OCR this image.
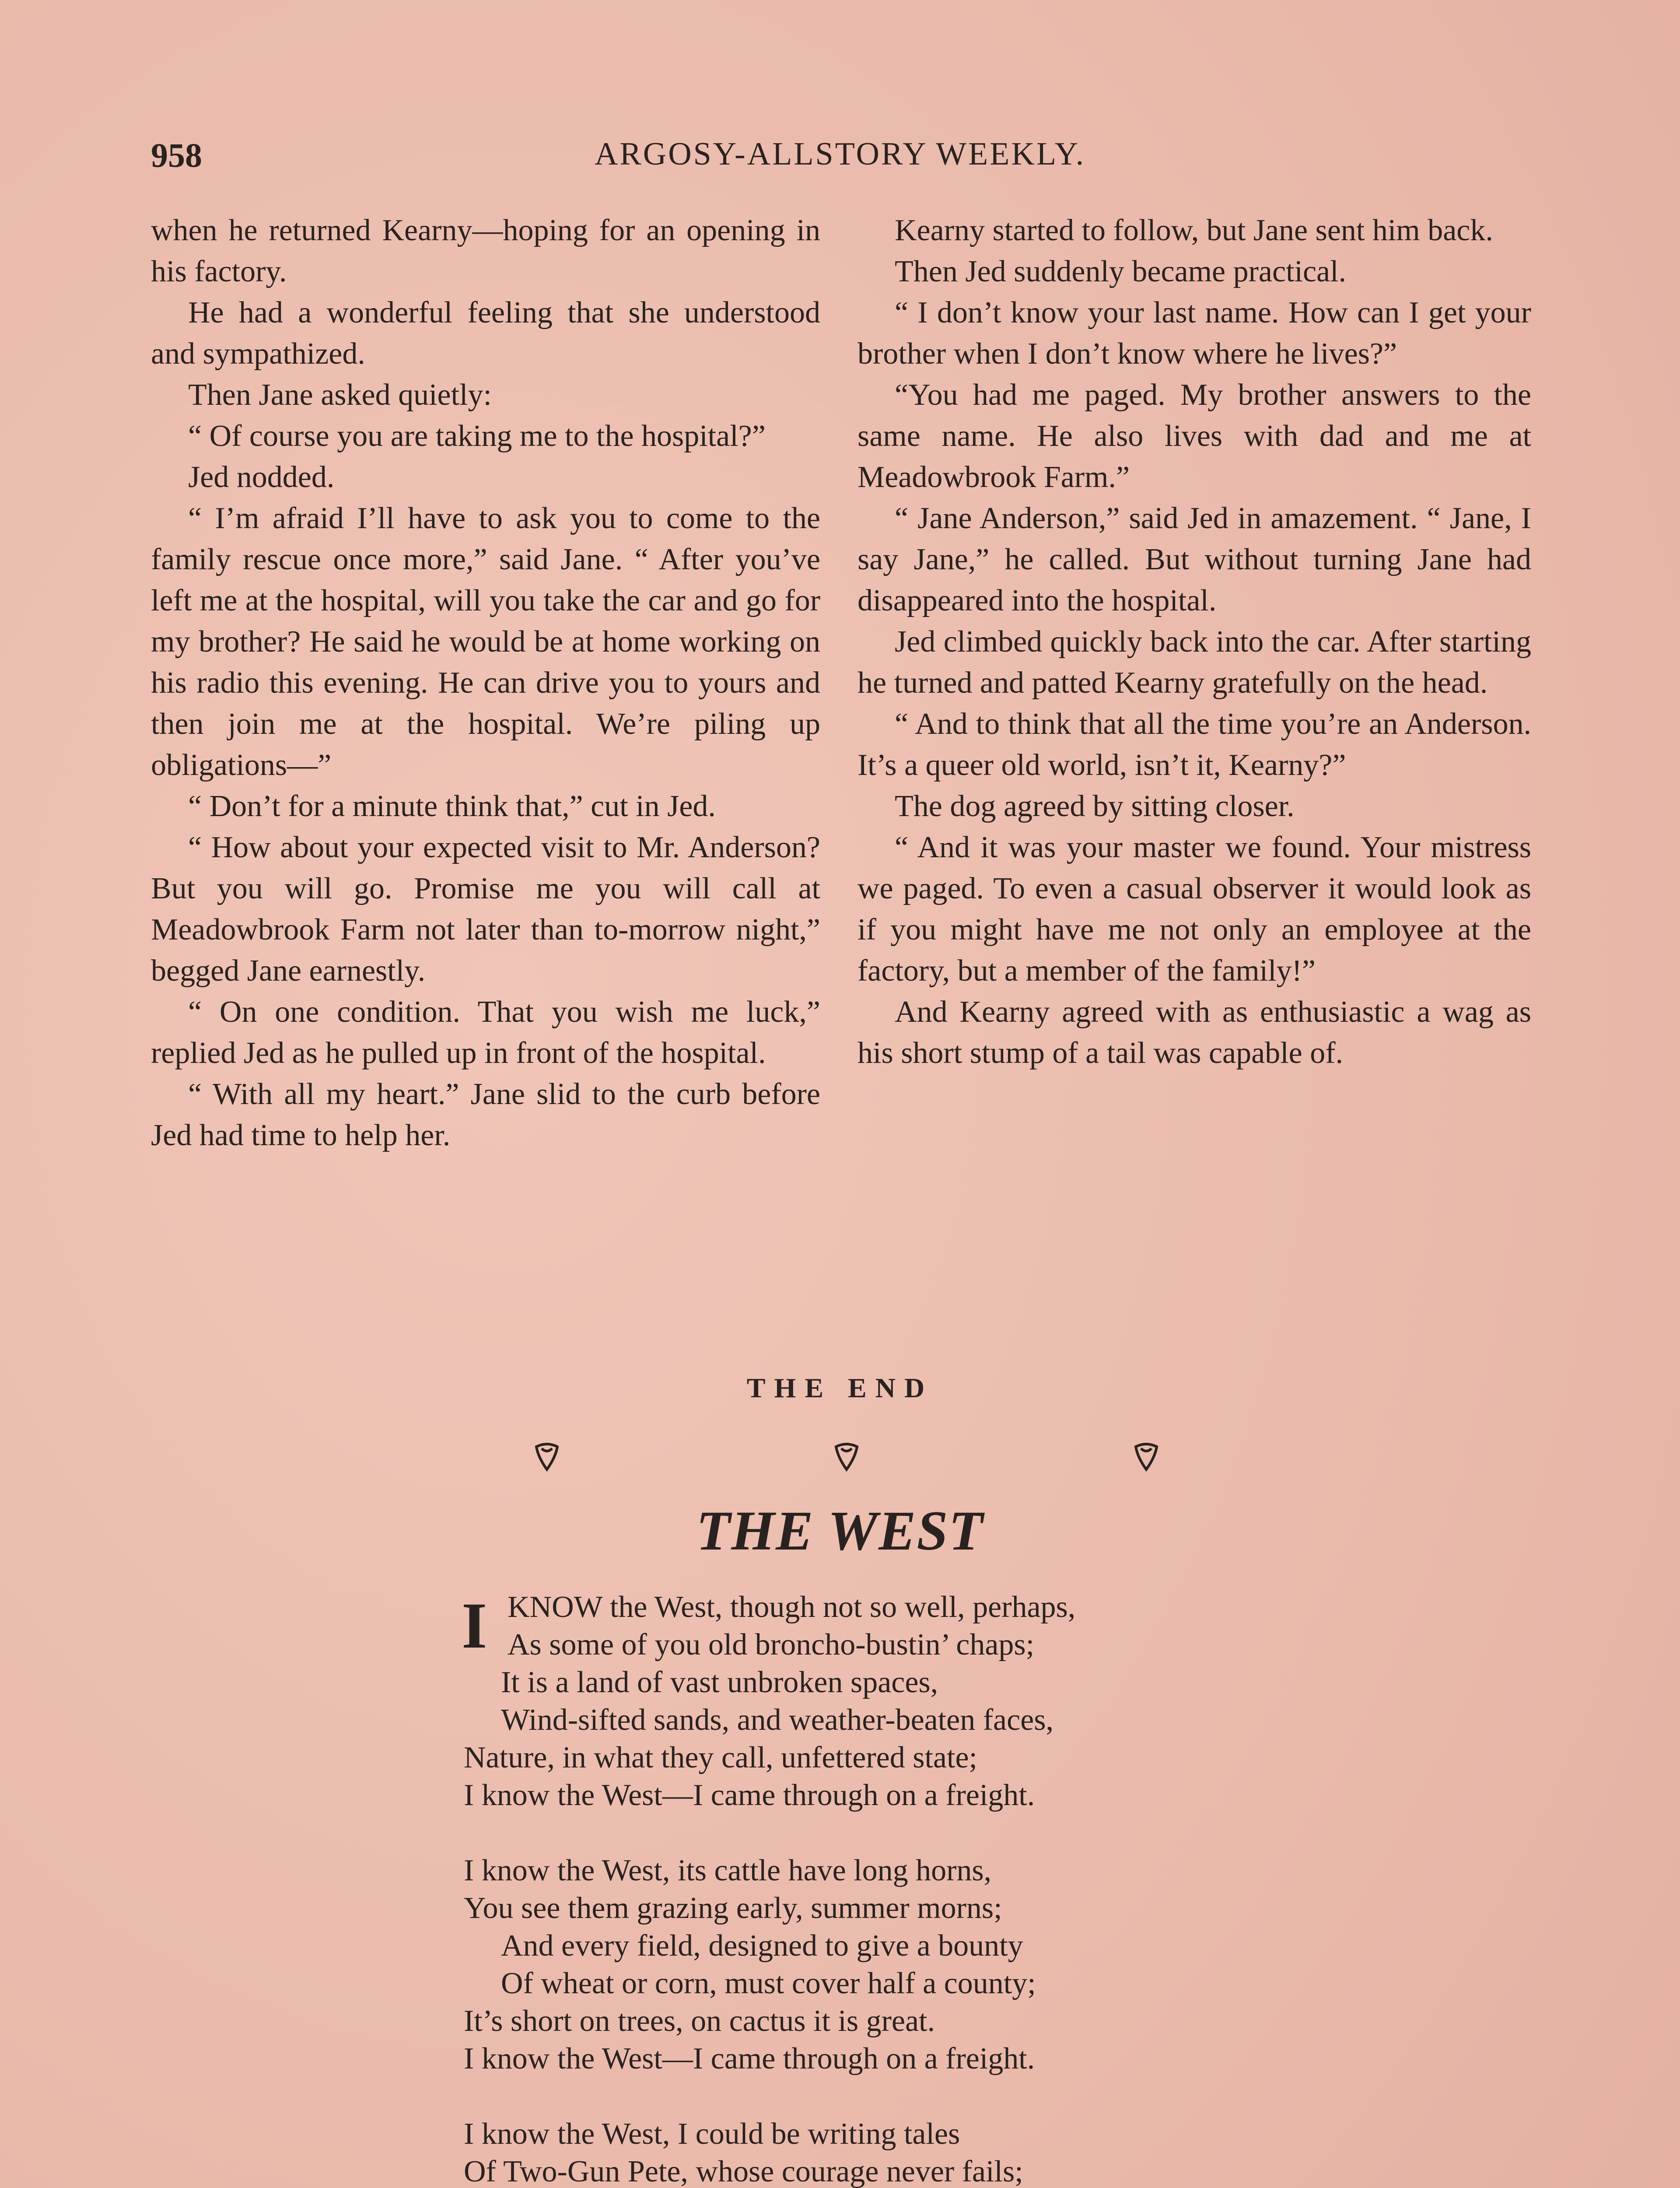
958	ARGOSY-ALLSTORY WEEKLY.

when he returned Kearny—hoping for an opening in his factory.

He had a wonderful feeling that she understood and sympathized.

Then Jane asked quietly:

“ Of course you are taking me to the hospital?”

Jed nodded.

“ I’m afraid I’ll have to ask you to come to the family rescue once more,” said Jane. “ After you’ve left me at the hospital, will you take the car and go for my brother? He said he would be at home working on his radio this evening. He can drive you to yours and then join me at the hospital. We’re piling up obligations—”

“ Don’t for a minute think that,” cut in Jed.

“ How about your expected visit to Mr. Anderson? But you will go. Promise me you will call at Meadowbrook Farm not later than to-morrow night,” begged Jane earnestly.

“ On one condition. That you wish me luck,” replied Jed as he pulled up in front of the hospital.

“ With all my heart.” Jane slid to the curb before Jed had time to help her.

Kearny started to follow, but Jane sent him back.

Then Jed suddenly became practical.

“ I don’t know your last name. How can I get your brother when I don’t know where he lives?”

“You had me paged. My brother answers to the same name. He also lives with dad and me at Meadowbrook Farm.”

“ Jane Anderson,” said Jed in amazement. “ Jane, I say Jane,” he called. But without turning Jane had disappeared into the hospital.

Jed climbed quickly back into the car. After starting he turned and patted Kearny gratefully on the head.

“ And to think that all the time you’re an Anderson. It’s a queer old world, isn’t it, Kearny?”

The dog agreed by sitting closer.

“ And it was your master we found. Your mistress we paged. To even a casual observer it would look as if you might have me not only an employee at the factory, but a member of the family!”

And Kearny agreed with as enthusiastic a wag as his short stump of a tail was capable of.

THE END
THE WEST
I KNOW the West, though not so well, perhaps,
As some of you old broncho-bustin’ chaps;
It is a land of vast unbroken spaces,
Wind-sifted sands, and weather-beaten faces,
Nature, in what they call, unfettered state;
I know the West—I came through on a freight.
I know the West, its cattle have long horns,
You see them grazing early, summer morns;
And every field, designed to give a bounty
Of wheat or corn, must cover half a county;
It’s short on trees, on cactus it is great.
I know the West—I came through on a freight.
I know the West, I could be writing tales
Of Two-Gun Pete, whose courage never fails;
